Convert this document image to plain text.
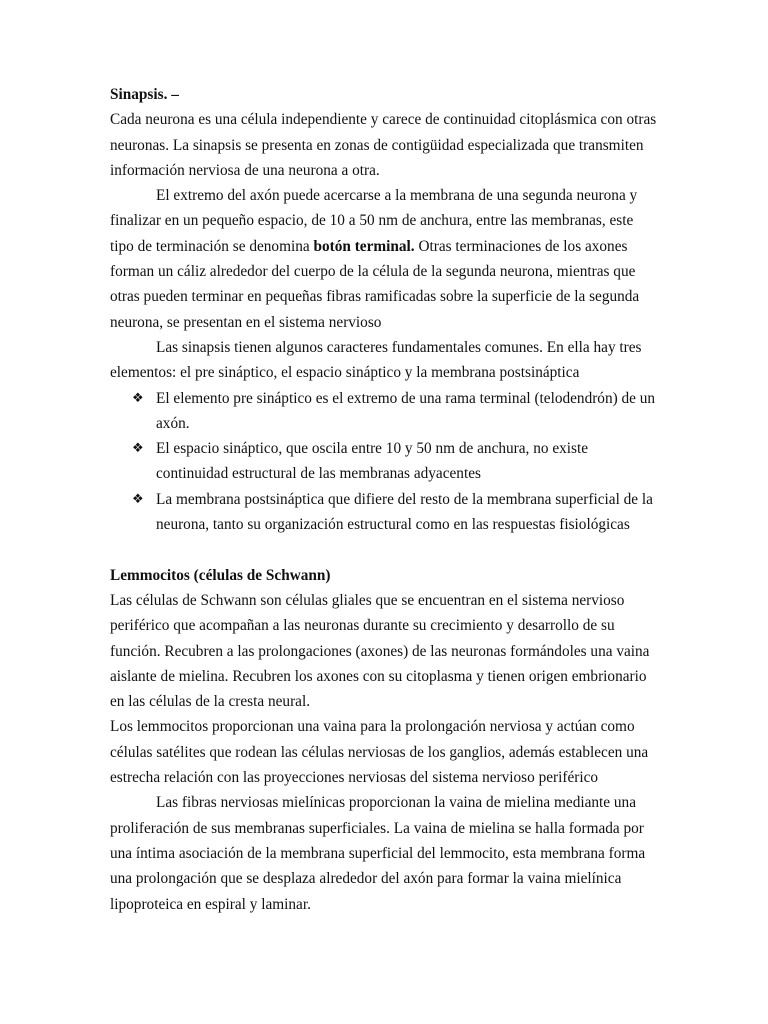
Sinapsis. –

Cada neurona es una célula independiente y carece de continuidad citoplásmica con otras neuronas. La sinapsis se presenta en zonas de contigüidad especializada que transmiten información nerviosa de una neurona a otra.

El extremo del axón puede acercarse a la membrana de una segunda neurona y finalizar en un pequeño espacio, de 10 a 50 nm de anchura, entre las membranas, este tipo de terminación se denomina botón terminal. Otras terminaciones de los axones forman un cáliz alrededor del cuerpo de la célula de la segunda neurona, mientras que otras pueden terminar en pequeñas fibras ramificadas sobre la superficie de la segunda neurona, se presentan en el sistema nervioso

Las sinapsis tienen algunos caracteres fundamentales comunes. En ella hay tres elementos: el pre sináptico, el espacio sináptico y la membrana postsináptica

❖ El elemento pre sináptico es el extremo de una rama terminal (telodendrón) de un axón.
❖ El espacio sináptico, que oscila entre 10 y 50 nm de anchura, no existe continuidad estructural de las membranas adyacentes
❖ La membrana postsináptica que difiere del resto de la membrana superficial de la neurona, tanto su organización estructural como en las respuestas fisiológicas

Lemmocitos (células de Schwann)

Las células de Schwann son células gliales que se encuentran en el sistema nervioso periférico que acompañan a las neuronas durante su crecimiento y desarrollo de su función. Recubren a las prolongaciones (axones) de las neuronas formándoles una vaina aislante de mielina. Recubren los axones con su citoplasma y tienen origen embrionario en las células de la cresta neural.

Los lemmocitos proporcionan una vaina para la prolongación nerviosa y actúan como células satélites que rodean las células nerviosas de los ganglios, además establecen una estrecha relación con las proyecciones nerviosas del sistema nervioso periférico

Las fibras nerviosas mielínicas proporcionan la vaina de mielina mediante una proliferación de sus membranas superficiales. La vaina de mielina se halla formada por una íntima asociación de la membrana superficial del lemmocito, esta membrana forma una prolongación que se desplaza alrededor del axón para formar la vaina mielínica lipoproteica en espiral y laminar.
